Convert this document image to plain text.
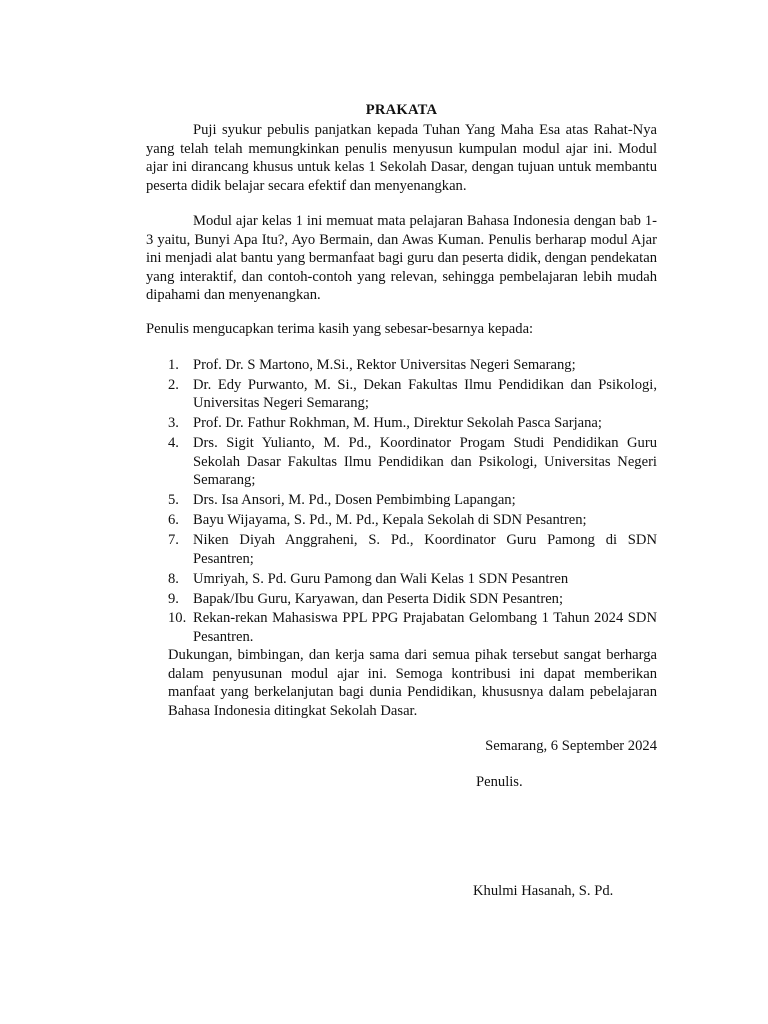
PRAKATA
Puji syukur pebulis panjatkan kepada Tuhan Yang Maha Esa atas Rahat-Nya yang telah telah memungkinkan penulis menyusun kumpulan modul ajar ini. Modul ajar ini dirancang khusus untuk kelas 1 Sekolah Dasar, dengan tujuan untuk membantu peserta didik belajar secara efektif dan menyenangkan.
Modul ajar kelas 1 ini memuat mata pelajaran Bahasa Indonesia dengan bab 1-3 yaitu, Bunyi Apa Itu?, Ayo Bermain, dan Awas Kuman. Penulis berharap modul Ajar ini menjadi alat bantu yang bermanfaat bagi guru dan peserta didik, dengan pendekatan yang interaktif, dan contoh-contoh yang relevan, sehingga pembelajaran lebih mudah dipahami dan menyenangkan.
Penulis mengucapkan terima kasih yang sebesar-besarnya kepada:
1. Prof. Dr. S Martono, M.Si., Rektor Universitas Negeri Semarang;
2. Dr. Edy Purwanto, M. Si., Dekan Fakultas Ilmu Pendidikan dan Psikologi, Universitas Negeri Semarang;
3. Prof. Dr. Fathur Rokhman, M. Hum., Direktur Sekolah Pasca Sarjana;
4. Drs. Sigit Yulianto, M. Pd., Koordinator Progam Studi Pendidikan Guru Sekolah Dasar Fakultas Ilmu Pendidikan dan Psikologi, Universitas Negeri Semarang;
5. Drs. Isa Ansori, M. Pd., Dosen Pembimbing Lapangan;
6. Bayu Wijayama, S. Pd., M. Pd., Kepala Sekolah di SDN Pesantren;
7. Niken Diyah Anggraheni, S. Pd., Koordinator Guru Pamong di SDN Pesantren;
8. Umriyah, S. Pd. Guru Pamong dan Wali Kelas 1 SDN Pesantren
9. Bapak/Ibu Guru, Karyawan, dan Peserta Didik SDN Pesantren;
10. Rekan-rekan Mahasiswa PPL PPG Prajabatan Gelombang 1 Tahun 2024 SDN Pesantren.
Dukungan, bimbingan, dan kerja sama dari semua pihak tersebut sangat berharga dalam penyusunan modul ajar ini. Semoga kontribusi ini dapat memberikan manfaat yang berkelanjutan bagi dunia Pendidikan, khususnya dalam pebelajaran Bahasa Indonesia ditingkat Sekolah Dasar.
Semarang, 6 September 2024
Penulis.
Khulmi Hasanah, S. Pd.
